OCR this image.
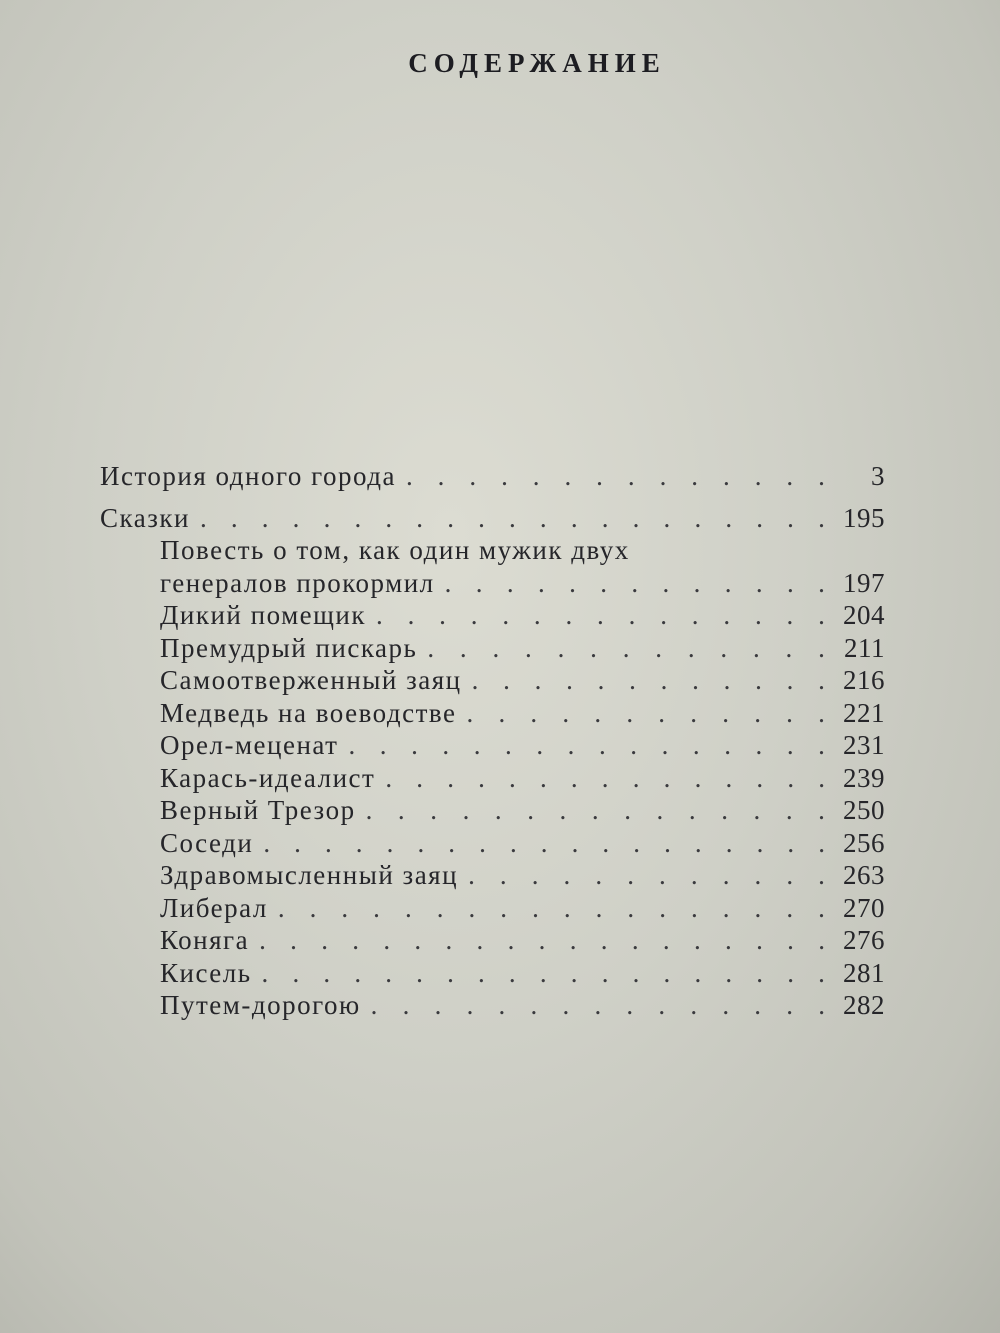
СОДЕРЖАНИЕ
История одного города . . . . . . . . . . . . . .	3
Сказки . . . . . . . . . . . . . . . . . . . . . 195
Повесть о том, как один мужик двух
генералов прокормил . . . . . . . . . . . . . 197
Дикий помещик . . . . . . . . . . . . . . . 204
Премудрый пискарь . . . . . . . . . . . . . 211
Самоотверженный заяц . . . . . . . . . . . . 216
Медведь на воеводстве . . . . . . . . . . . . 221
Орел-меценат . . . . . . . . . . . . . . . . 231
Карась-идеалист . . . . . . . . . . . . . . . 239
Верный Трезор . . . . . . . . . . . . . . . 250
Соседи . . . . . . . . . . . . . . . . . . . 256
Здравомысленный заяц . . . . . . . . . . . . 263
Либерал . . . . . . . . . . . . . . . . . . 270
Коняга . . . . . . . . . . . . . . . . . . . 276
Кисель . . . . . . . . . . . . . . . . . . . 281
Путем-дорогою . . . . . . . . . . . . . . . 282
